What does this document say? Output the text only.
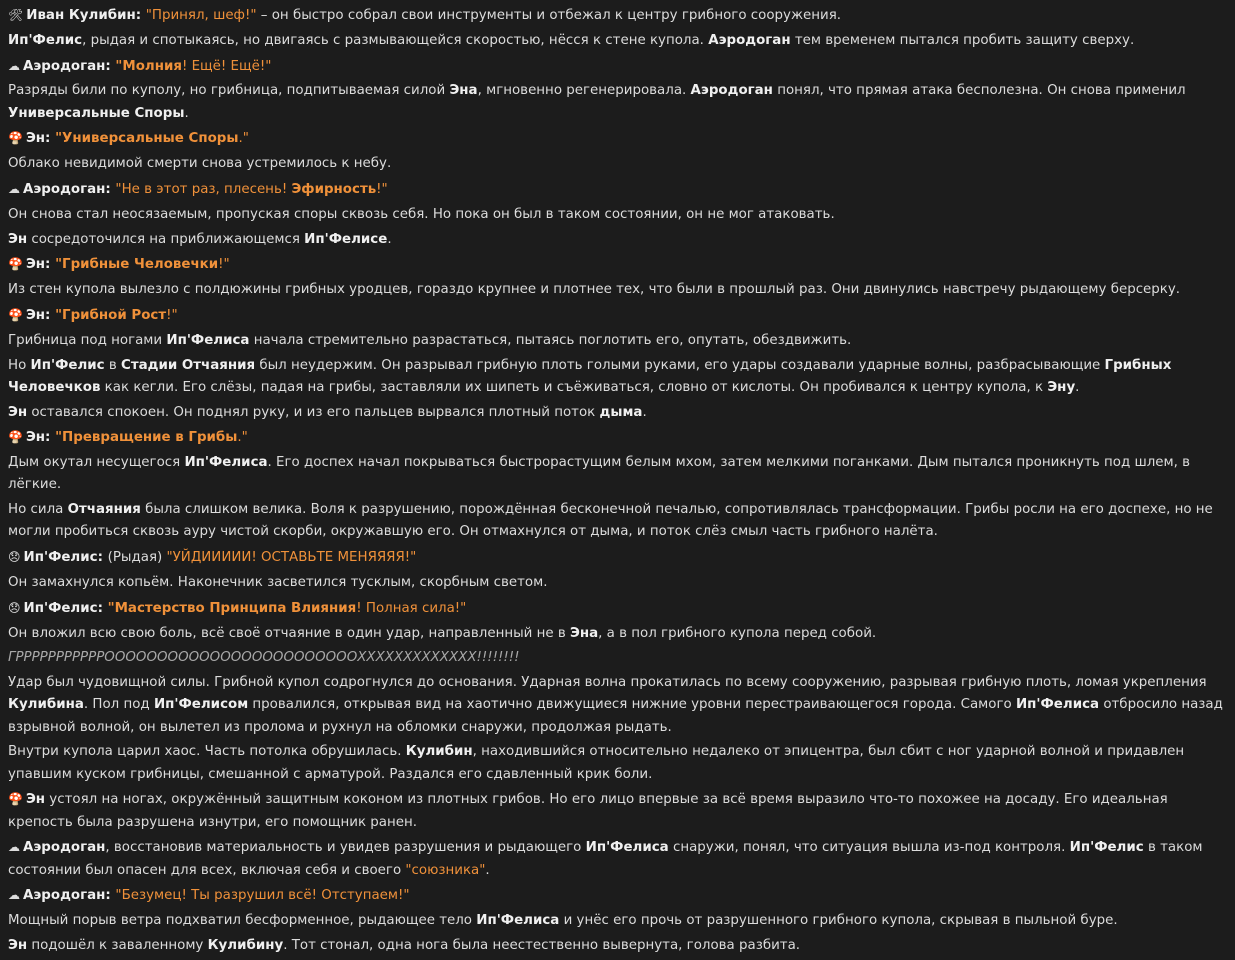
🛠 Иван Кулибин: "Принял, шеф!" – он быстро собрал свои инструменты и отбежал к центру грибного сооружения.
Ип'Фелис, рыдая и спотыкаясь, но двигаясь с размывающейся скоростью, нёсся к стене купола. Аэродоган тем временем пытался пробить защиту сверху.
☁ Аэродоган: "Молния! Ещё! Ещё!"
Разряды били по куполу, но грибница, подпитываемая силой Эна, мгновенно регенерировала. Аэродоган понял, что прямая атака бесполезна. Он снова применил Универсальные Споры.
🍄 Эн: "Универсальные Споры."
Облако невидимой смерти снова устремилось к небу.
☁ Аэродоган: "Не в этот раз, плесень! Эфирность!"
Он снова стал неосязаемым, пропуская споры сквозь себя. Но пока он был в таком состоянии, он не мог атаковать.
Эн сосредоточился на приближающемся Ип'Фелисе.
🍄 Эн: "Грибные Человечки!"
Из стен купола вылезло с полдюжины грибных уродцев, гораздо крупнее и плотнее тех, что были в прошлый раз. Они двинулись навстречу рыдающему берсерку.
🍄 Эн: "Грибной Рост!"
Грибница под ногами Ип'Фелиса начала стремительно разрастаться, пытаясь поглотить его, опутать, обездвижить.
Но Ип'Фелис в Стадии Отчаяния был неудержим. Он разрывал грибную плоть голыми руками, его удары создавали ударные волны, разбрасывающие Грибных Человечков как кегли. Его слёзы, падая на грибы, заставляли их шипеть и съёживаться, словно от кислоты. Он пробивался к центру купола, к Эну.
Эн оставался спокоен. Он поднял руку, и из его пальцев вырвался плотный поток дыма.
🍄 Эн: "Превращение в Грибы."
Дым окутал несущегося Ип'Фелиса. Его доспех начал покрываться быстрорастущим белым мхом, затем мелкими поганками. Дым пытался проникнуть под шлем, в лёгкие.
Но сила Отчаяния была слишком велика. Воля к разрушению, порождённая бесконечной печалью, сопротивлялась трансформации. Грибы росли на его доспехе, но не могли пробиться сквозь ауру чистой скорби, окружавшую его. Он отмахнулся от дыма, и поток слёз смыл часть грибного налёта.
😞 Ип'Фелис: (Рыдая) "УЙДИИИИИ! ОСТАВЬТЕ МЕНЯЯЯЯ!"
Он замахнулся копьём. Наконечник засветился тусклым, скорбным светом.
😞 Ип'Фелис: "Мастерство Принципа Влияния! Полная сила!"
Он вложил всю свою боль, всё своё отчаяние в один удар, направленный не в Эна, а в пол грибного купола перед собой.
ГРРРРРРРРРРРООООООООООООООООООООООООХХХХХХХХХХХХХ!!!!!!!!
Удар был чудовищной силы. Грибной купол содрогнулся до основания. Ударная волна прокатилась по всему сооружению, разрывая грибную плоть, ломая укрепления Кулибина. Пол под Ип'Фелисом провалился, открывая вид на хаотично движущиеся нижние уровни перестраивающегося города. Самого Ип'Фелиса отбросило назад взрывной волной, он вылетел из пролома и рухнул на обломки снаружи, продолжая рыдать.
Внутри купола царил хаос. Часть потолка обрушилась. Кулибин, находившийся относительно недалеко от эпицентра, был сбит с ног ударной волной и придавлен упавшим куском грибницы, смешанной с арматурой. Раздался его сдавленный крик боли.
🍄 Эн устоял на ногах, окружённый защитным коконом из плотных грибов. Но его лицо впервые за всё время выразило что-то похожее на досаду. Его идеальная крепость была разрушена изнутри, его помощник ранен.
☁ Аэродоган, восстановив материальность и увидев разрушения и рыдающего Ип'Фелиса снаружи, понял, что ситуация вышла из-под контроля. Ип'Фелис в таком состоянии был опасен для всех, включая себя и своего "союзника".
☁ Аэродоган: "Безумец! Ты разрушил всё! Отступаем!"
Мощный порыв ветра подхватил бесформенное, рыдающее тело Ип'Фелиса и унёс его прочь от разрушенного грибного купола, скрывая в пыльной буре.
Эн подошёл к заваленному Кулибину. Тот стонал, одна нога была неестественно вывернута, голова разбита.
